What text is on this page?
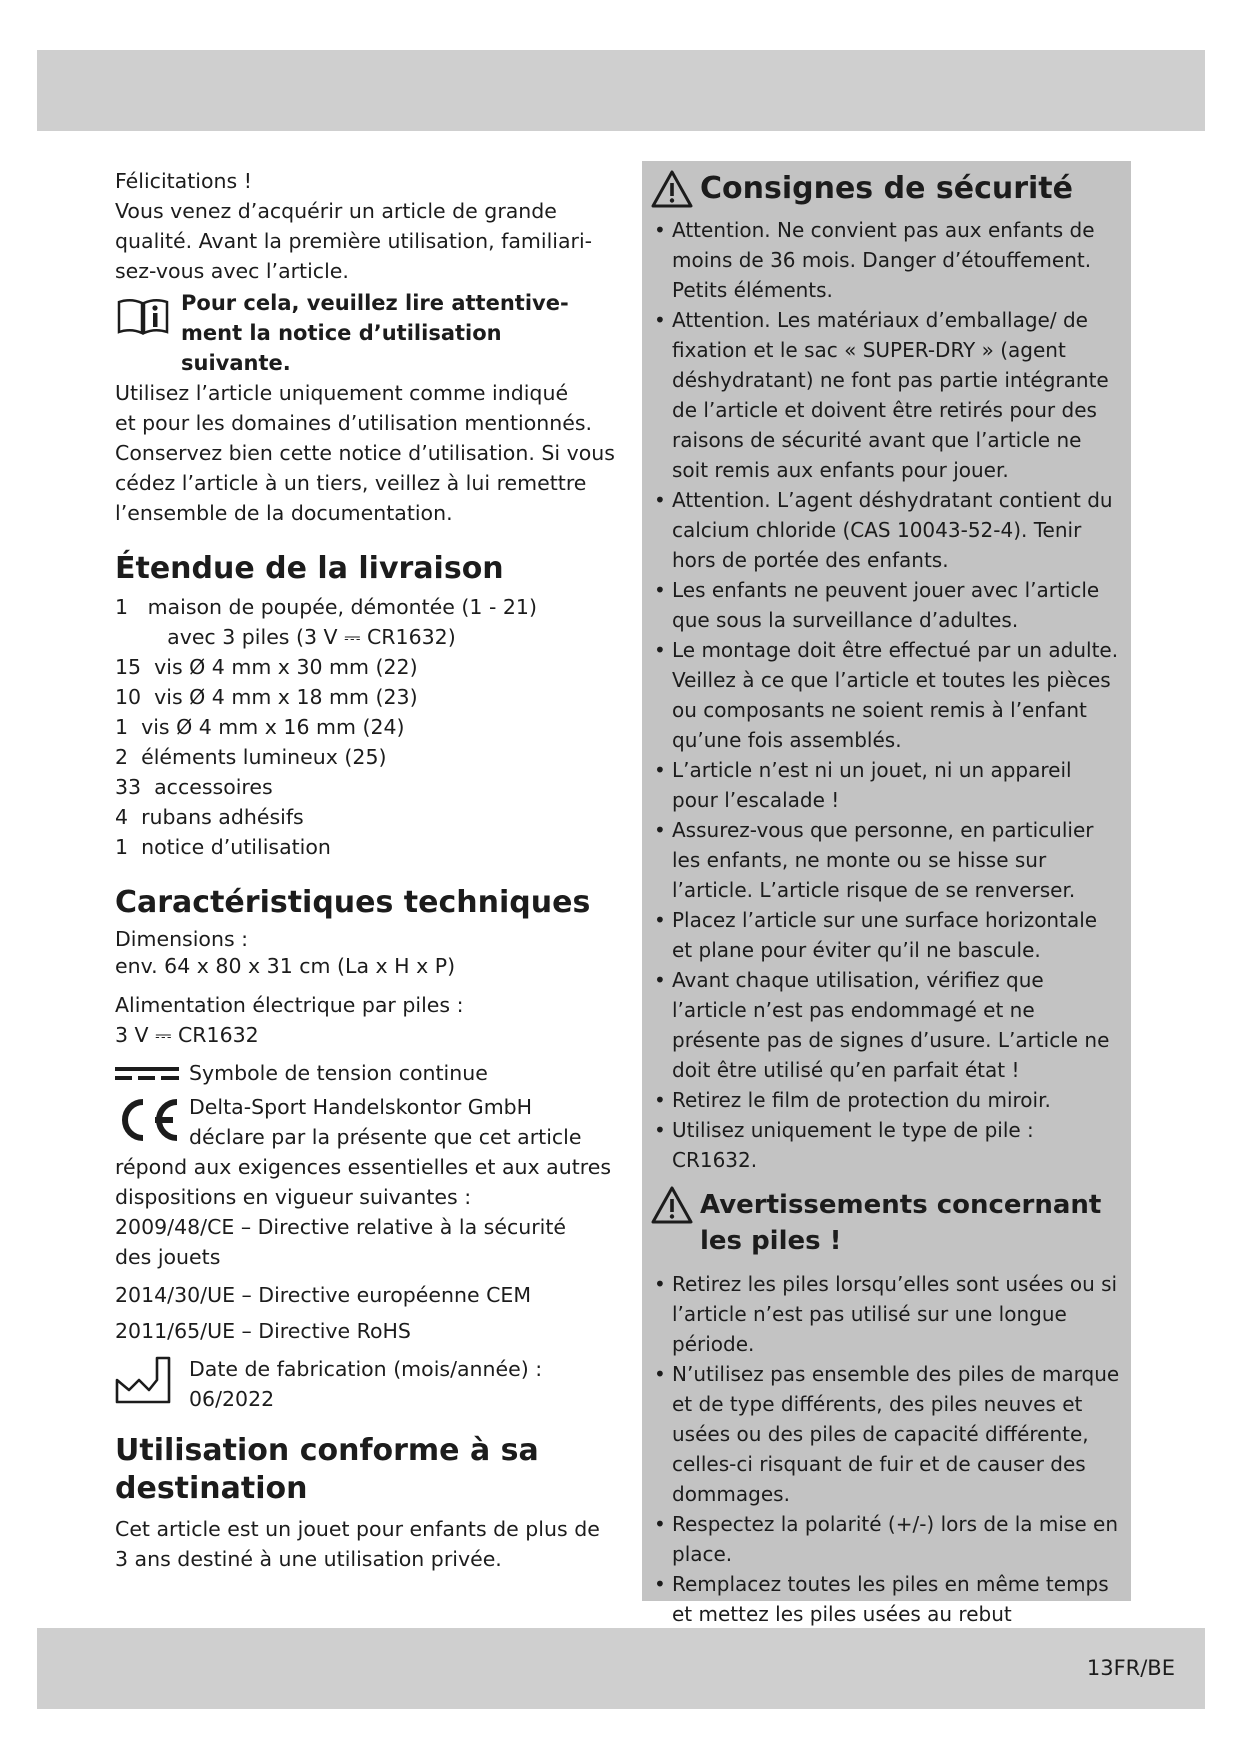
Félicitations !

Vous venez d’acquérir un article de grande

qualité. Avant la première utilisation, familiari-

sez-vous avec l’article.

Pour cela, veuillez lire attentive-
ment la notice d’utilisation
suivante.

Utilisez l’article uniquement comme indiqué

et pour les domaines d’utilisation mentionnés.

Conservez bien cette notice d’utilisation. Si vous

cédez l’article à un tiers, veillez à lui remettre

l’ensemble de la documentation.

Étendue de la livraison
1   maison de poupée, démontée (1 - 21)
avec 3 piles (3 V ⎓ CR1632)
15  vis Ø 4 mm x 30 mm (22)
10  vis Ø 4 mm x 18 mm (23)
1  vis Ø 4 mm x 16 mm (24)
2  éléments lumineux (25)
33  accessoires
4  rubans adhésifs
1  notice d’utilisation
Caractéristiques techniques

Dimensions :

env. 64 x 80 x 31 cm (La x H x P)

Alimentation électrique par piles :

3 V ⎓ CR1632

Symbole de tension continue

Delta-Sport Handelskontor GmbH

déclare par la présente que cet article

répond aux exigences essentielles et aux autres

dispositions en vigueur suivantes :

2009/48/CE – Directive relative à la sécurité

des jouets

2014/30/UE – Directive européenne CEM

2011/65/UE – Directive RoHS

Date de fabrication (mois/année) :

06/2022

Utilisation conforme à sa
destination

Cet article est un jouet pour enfants de plus de

3 ans destiné à une utilisation privée.

Consignes de sécurité
• Attention. Ne convient pas aux enfants de moins de 36 mois. Danger d’étouffement. Petits éléments.
• Attention. Les matériaux d’emballage/ de fixation et le sac « SUPER-DRY » (agent déshydratant) ne font pas partie intégrante de l’article et doivent être retirés pour des raisons de sécurité avant que l’article ne soit remis aux enfants pour jouer.
• Attention. L’agent déshydratant contient du calcium chloride (CAS 10043-52-4). Tenir hors de portée des enfants.
• Les enfants ne peuvent jouer avec l’article que sous la surveillance d’adultes.
• Le montage doit être effectué par un adulte. Veillez à ce que l’article et toutes les pièces ou composants ne soient remis à l’enfant qu’une fois assemblés.
• L’article n’est ni un jouet, ni un appareil pour l’escalade !
• Assurez-vous que personne, en particulier les enfants, ne monte ou se hisse sur l’article. L’article risque de se renverser.
• Placez l’article sur une surface horizontale et plane pour éviter qu’il ne bascule.
• Avant chaque utilisation, vérifiez que l’article n’est pas endommagé et ne présente pas de signes d’usure. L’article ne doit être utilisé qu’en parfait état !
• Retirez le film de protection du miroir.
• Utilisez uniquement le type de pile : CR1632.
Avertissements concernant
les piles !
• Retirez les piles lorsqu’elles sont usées ou si l’article n’est pas utilisé sur une longue période.
• N’utilisez pas ensemble des piles de marque et de type différents, des piles neuves et usées ou des piles de capacité différente, celles-ci risquant de fuir et de causer des dommages.
• Respectez la polarité (+/-) lors de la mise en place.
• Remplacez toutes les piles en même temps et mettez les piles usées au rebut
13FR/BE
